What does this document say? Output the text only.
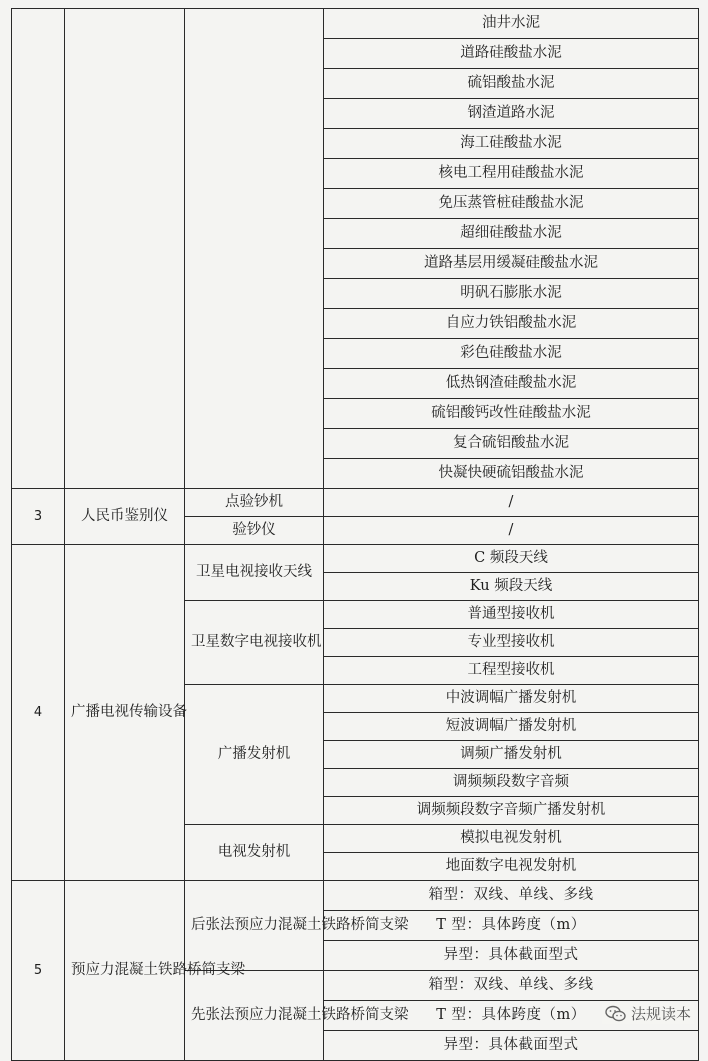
			油井水泥
			道路硅酸盐水泥
			硫铝酸盐水泥
			钢渣道路水泥
			海工硅酸盐水泥
			核电工程用硅酸盐水泥
			免压蒸管桩硅酸盐水泥
			超细硅酸盐水泥
			道路基层用缓凝硅酸盐水泥
			明矾石膨胀水泥
			自应力铁铝酸盐水泥
			彩色硅酸盐水泥
			低热钢渣硅酸盐水泥
			硫铝酸钙改性硅酸盐水泥
			复合硫铝酸盐水泥
			快凝快硬硫铝酸盐水泥
3	人民币鉴别仪	点验钞机	/
		验钞仪	/
4	广播电视传输设备	卫星电视接收天线	C 频段天线
			Ku 频段天线
		卫星数字电视接收机	普通型接收机
			专业型接收机
			工程型接收机
		广播发射机	中波调幅广播发射机
			短波调幅广播发射机
			调频广播发射机
			调频频段数字音频
			调频频段数字音频广播发射机
		电视发射机	模拟电视发射机
			地面数字电视发射机
5	预应力混凝土铁路桥简支梁	后张法预应力混凝土铁路桥简支梁	箱型：双线、单线、多线
			T 型：具体跨度（m）
			异型：具体截面型式
		先张法预应力混凝土铁路桥简支梁	箱型：双线、单线、多线
			T 型：具体跨度（m）
			异型：具体截面型式
法规读本
